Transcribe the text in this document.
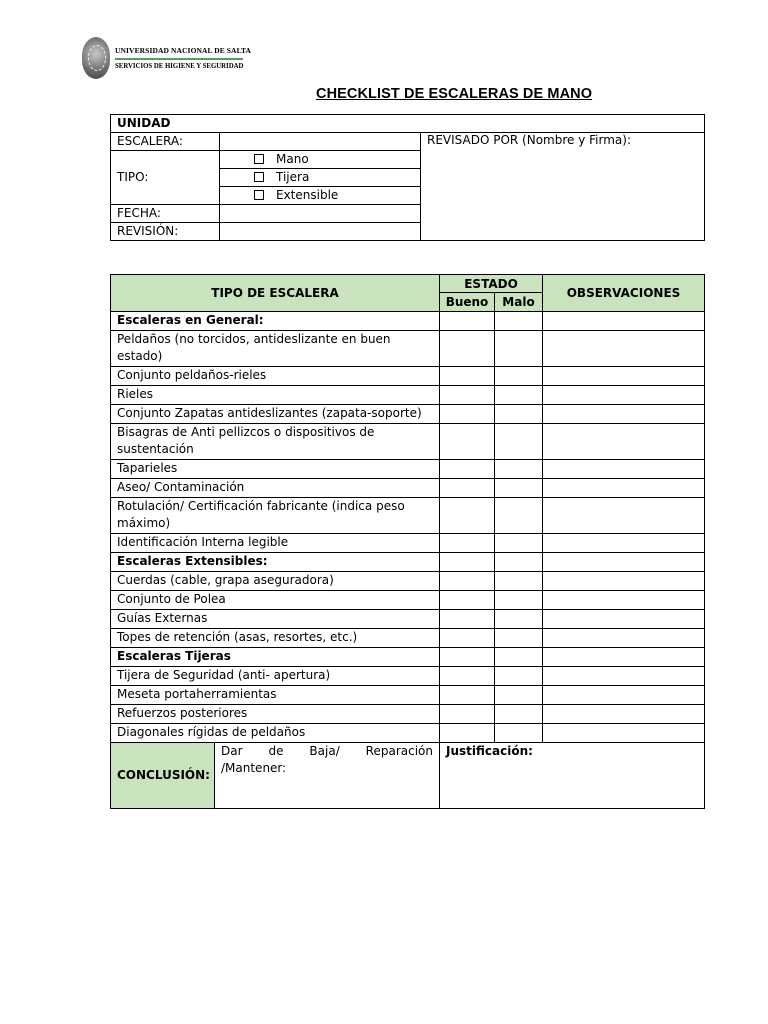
UNIVERSIDAD NACIONAL DE SALTA
SERVICIOS DE HIGIENE Y SEGURIDAD
CHECKLIST DE ESCALERAS DE MANO
UNIDAD		
ESCALERA:		REVISADO POR (Nombre y Firma):
TIPO:	Mano	
	Tijera	
	Extensible	
FECHA:		
REVISIÓN:		
TIPO DE ESCALERA		ESTADO		OBSERVACIONES
		Bueno	Malo	
Escaleras en General:				
Peldaños (no torcidos, antideslizante en buen estado)				
Conjunto peldaños-rieles				
Rieles				
Conjunto Zapatas antideslizantes (zapata-soporte)				
Bisagras de Anti pellizcos o dispositivos de sustentación				
Taparieles				
Aseo/ Contaminación				
Rotulación/ Certificación fabricante (indica peso máximo)				
Identificación Interna legible				
Escaleras Extensibles:				
Cuerdas (cable, grapa aseguradora)				
Conjunto de Polea				
Guías Externas				
Topes de retención (asas, resortes, etc.)				
Escaleras Tijeras				
Tijera de Seguridad (anti- apertura)				
Meseta portaherramientas				
Refuerzos posteriores				
Diagonales rígidas de peldaños				
CONCLUSIÓN:	Dar de Baja/ Reparación /Mantener:	Justificación:		
